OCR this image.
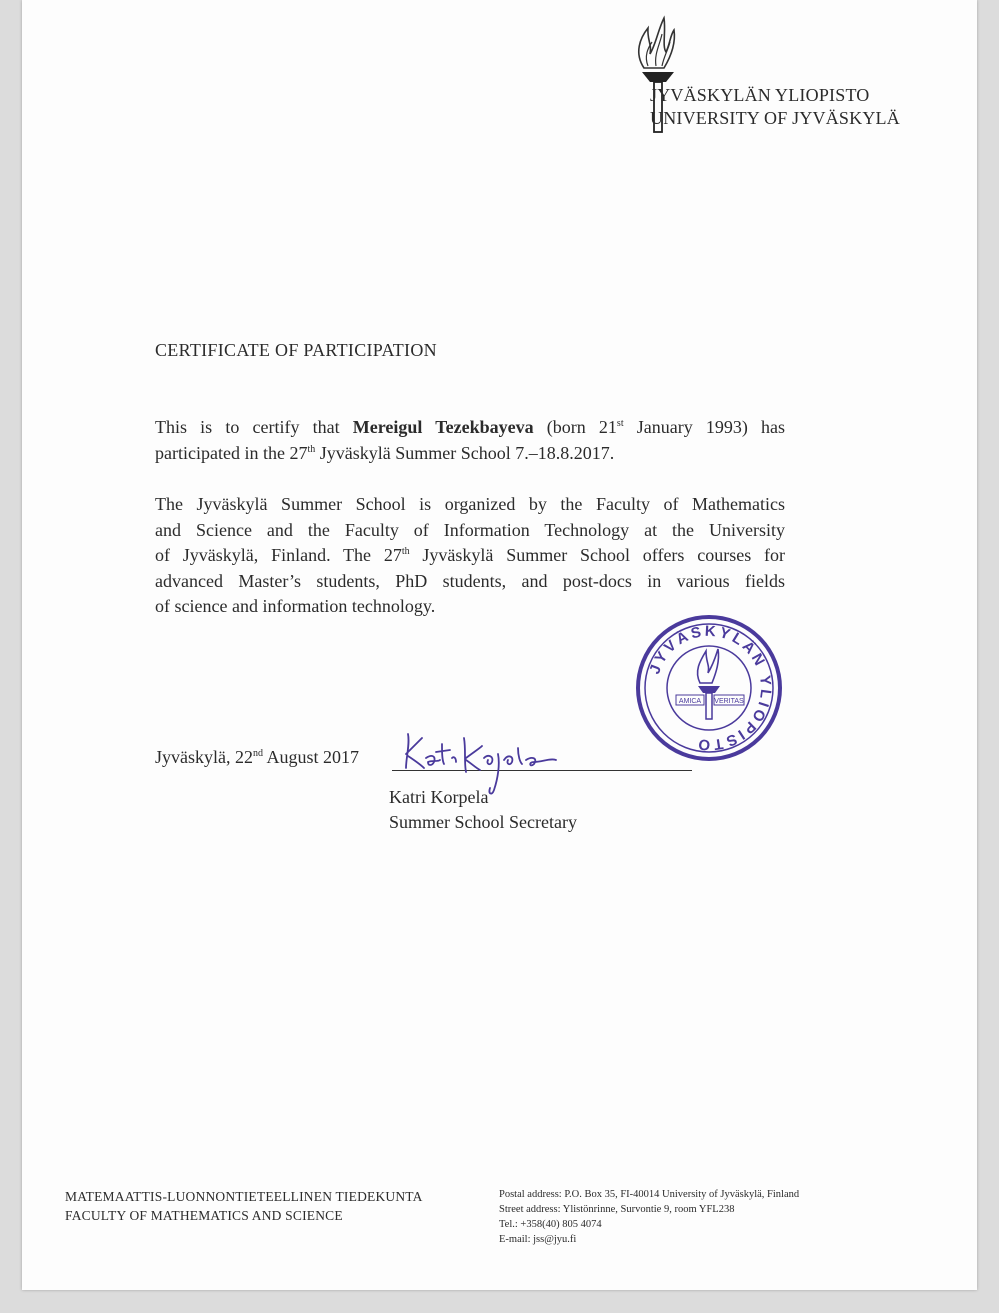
JYVÄSKYLÄN YLIOPISTO
UNIVERSITY OF JYVÄSKYLÄ
CERTIFICATE OF PARTICIPATION
This is to certify that Mereigul Tezekbayeva (born 21st January 1993) has
participated in the 27th Jyväskylä Summer School 7.–18.8.2017.
The Jyväskylä Summer School is organized by the Faculty of Mathematics
and Science and the Faculty of Information Technology at the University
of Jyväskylä, Finland. The 27th Jyväskylä Summer School offers courses for
advanced Master’s students, PhD students, and post-docs in various fields
of science and information technology.
JYVÄSKYLÄN YLIOPISTO
AMICA VERITAS
Jyväskylä, 22nd August 2017
Katri Korpela
Summer School Secretary
MATEMAATTIS-LUONNONTIETEELLINEN TIEDEKUNTA
FACULTY OF MATHEMATICS AND SCIENCE
Postal address: P.O. Box 35, FI-40014 University of Jyväskylä, Finland
Street address: Ylistönrinne, Survontie 9, room YFL238
Tel.: +358(40) 805 4074
E-mail: jss@jyu.fi
